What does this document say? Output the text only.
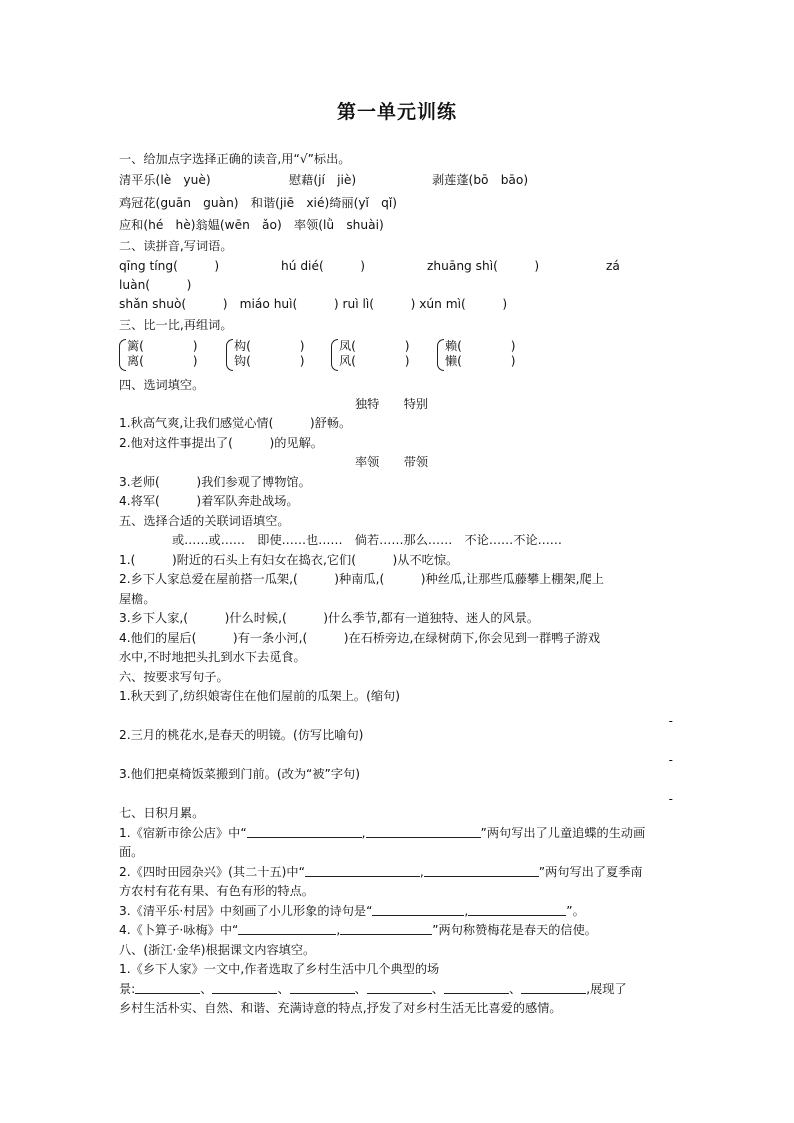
第一单元训练
一、给加点字选择正确的读音,用“√”标出。
清平乐(lè　yuè)	慰藉(jí　jiè)	剥莲蓬(bō　bāo)
鸡冠花(guān　guàn)　和谐(jiē　xié)绮丽(yǐ　qǐ)
应和(hé　hè)翁媪(wēn　ǎo)　率领(lǜ　shuài)
二、读拼音,写词语。
qīng tíng(　　　)	hú dié(　　　)	zhuāng shì(　　　)	zá
luàn(　　　)
shǎn shuò(　　　)　miáo huì(　　　) ruì lì(　　　) xún mì(　　　)
三、比一比,再组词。
篱(　　　　)
离(　　　　)
构(　　　　)
钩(　　　　)
凤(　　　　)
风(　　　　)
赖(　　　　)
懒(　　　　)
四、选词填空。
独特　　特别
1.秋高气爽,让我们感觉心情(　　　)舒畅。
2.他对这件事提出了(　　　)的见解。
率领　　带领
3.老师(　　　)我们参观了博物馆。
4.将军(　　　)着军队奔赴战场。
五、选择合适的关联词语填空。
或……或……　即使……也……　倘若……那么……　不论……不论……
1.(　　　)附近的石头上有妇女在捣衣,它们(　　　)从不吃惊。
2.乡下人家总爱在屋前搭一瓜架,(　　　)种南瓜,(　　　)种丝瓜,让那些瓜藤攀上棚架,爬上
屋檐。
3.乡下人家,(　　　)什么时候,(　　　)什么季节,都有一道独特、迷人的风景。
4.他们的屋后(　　　)有一条小河,(　　　)在石桥旁边,在绿树荫下,你会见到一群鸭子游戏
水中,不时地把头扎到水下去觅食。
六、按要求写句子。
1.秋天到了,纺织娘寄住在他们屋前的瓜架上。(缩句)
-
2.三月的桃花水,是春天的明镜。(仿写比喻句)
-
3.他们把桌椅饭菜搬到门前。(改为“被”字句)
-
七、日积月累。
1.《宿新市徐公店》中“	,	”两句写出了儿童追蝶的生动画
面。
2.《四时田园杂兴》(其二十五)中“	,	”两句写出了夏季南
方农村有花有果、有色有形的特点。
3.《清平乐·村居》中刻画了小儿形象的诗句是“	,	”。
4.《卜算子·咏梅》中“	,	”两句称赞梅花是春天的信使。
八、(浙江·金华)根据课文内容填空。
1.《乡下人家》一文中,作者选取了乡村生活中几个典型的场
景:	、	、	、	、	、	,展现了
乡村生活朴实、自然、和谐、充满诗意的特点,抒发了对乡村生活无比喜爱的感情。
